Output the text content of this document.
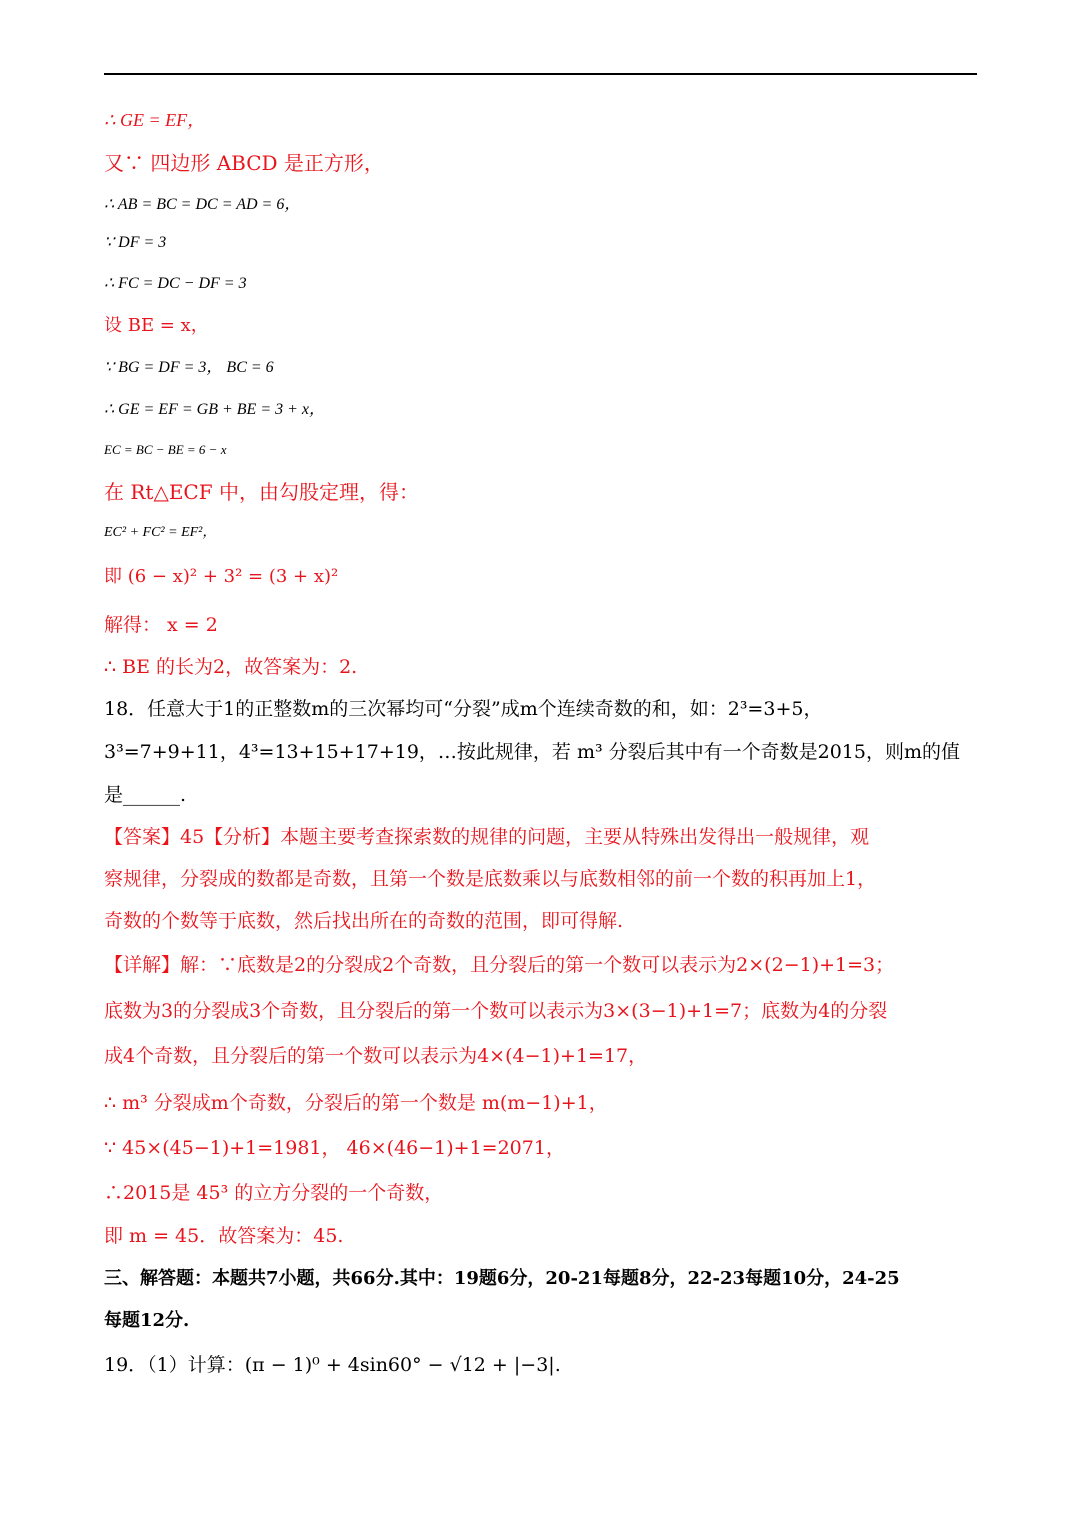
∴ GE = EF，
又∵ 四边形 ABCD 是正方形，
∴ AB = BC = DC = AD = 6，
∵ DF = 3
∴ FC = DC − DF = 3
设 BE = x，
∵ BG = DF = 3， BC = 6
∴ GE = EF = GB + BE = 3 + x，
EC = BC − BE = 6 − x
在 Rt△ECF 中，由勾股定理，得：
EC² + FC² = EF²，
即 (6 − x)² + 3² = (3 + x)²
解得： x = 2
∴ BE 的长为2，故答案为：2.
18．任意大于1的正整数m的三次幂均可“分裂”成m个连续奇数的和，如：2³=3+5，
3³=7+9+11，4³=13+15+17+19，…按此规律，若 m³ 分裂后其中有一个奇数是2015，则m的值
是______.
【答案】45【分析】本题主要考查探索数的规律的问题，主要从特殊出发得出一般规律，观
察规律，分裂成的数都是奇数，且第一个数是底数乘以与底数相邻的前一个数的积再加上1，
奇数的个数等于底数，然后找出所在的奇数的范围，即可得解.
【详解】解：∵底数是2的分裂成2个奇数，且分裂后的第一个数可以表示为2×(2−1)+1=3；
底数为3的分裂成3个奇数，且分裂后的第一个数可以表示为3×(3−1)+1=7；底数为4的分裂
成4个奇数，且分裂后的第一个数可以表示为4×(4−1)+1=17，
∴ m³ 分裂成m个奇数，分裂后的第一个数是 m(m−1)+1，
∵ 45×(45−1)+1=1981， 46×(46−1)+1=2071，
∴2015是 45³ 的立方分裂的一个奇数，
即 m = 45．故答案为：45.
三、解答题：本题共7小题，共66分.其中：19题6分，20-21每题8分，22-23每题10分，24-25
每题12分.
19．（1）计算：(π − 1)⁰ + 4sin60° − √12 + |−3|.
